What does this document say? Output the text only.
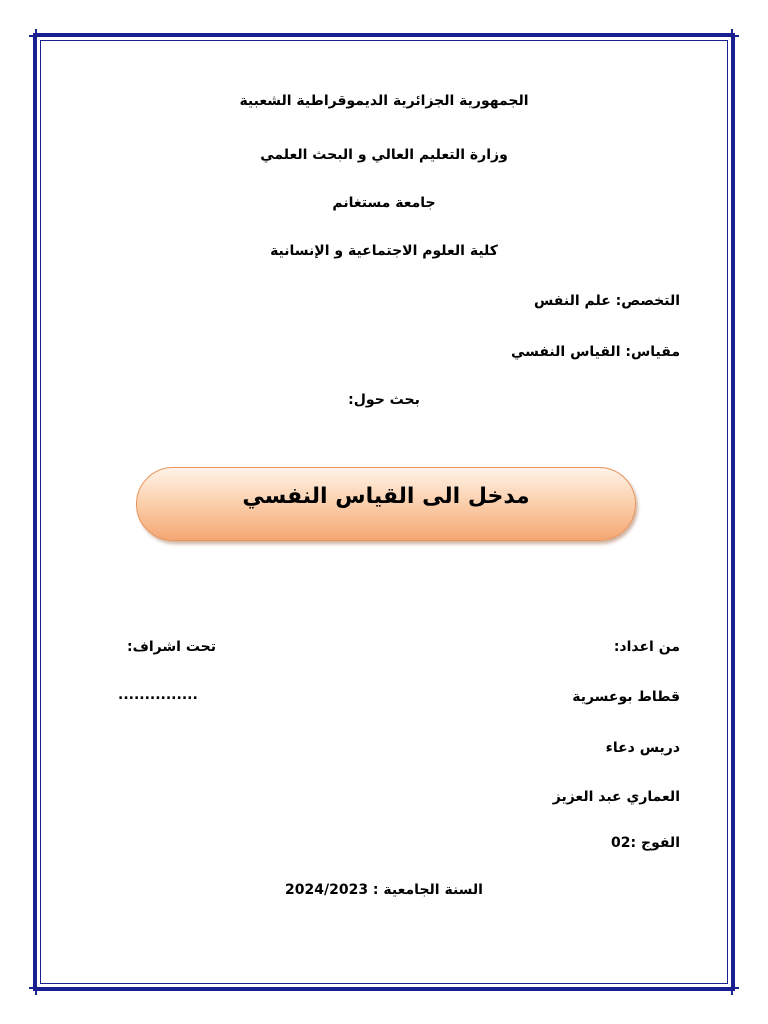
الجمهورية الجزائرية الديموقراطية الشعبية
وزارة التعليم العالي و البحث العلمي
جامعة مستغانم
كلية العلوم الاجتماعية و الإنسانية
التخصص: علم النفس
مقياس: القياس النفسي
بحث حول:
مدخل الى القياس النفسي
من اعداد:
تحت اشراف:
قطاط بوعسرية
...............
دريس دعاء
العماري عبد العزيز
الفوج :02
السنة الجامعية : 2024/2023
